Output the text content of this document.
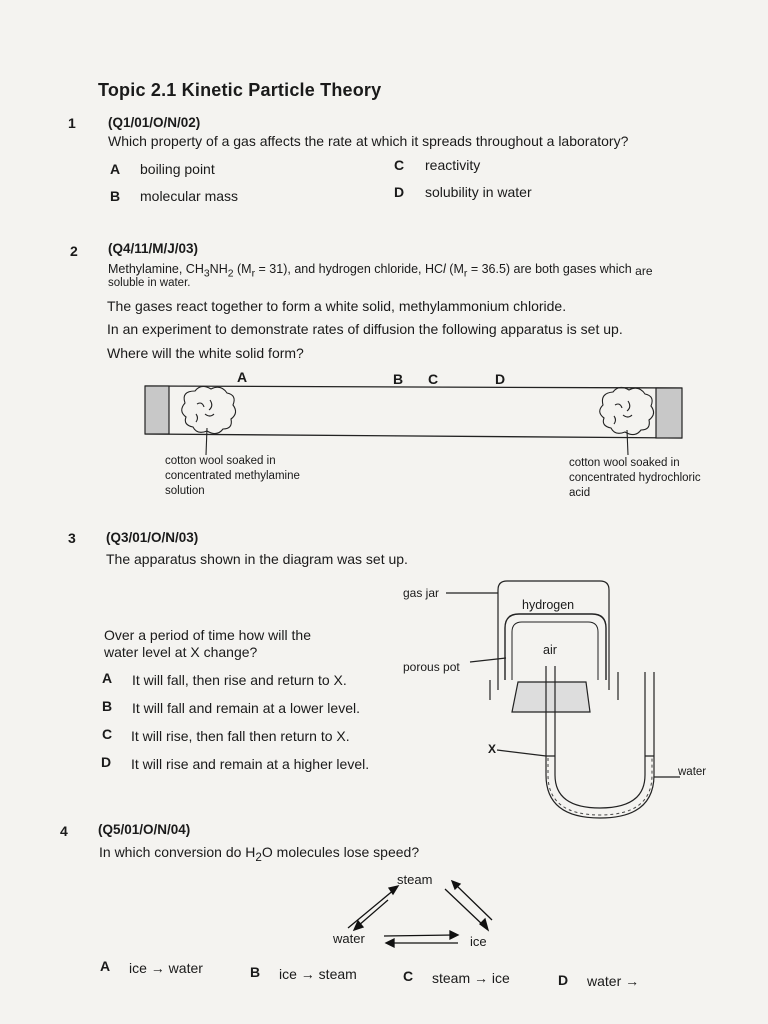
Topic 2.1 Kinetic Particle Theory
1 (Q1/01/O/N/02)
Which property of a gas affects the rate at which it spreads throughout a laboratory?
A boiling point
B molecular mass
C reactivity
D solubility in water
2 (Q4/11/M/J/03)
Methylamine, $CH_3NH_2$ $(M_r = 31)$, and hydrogen chloride, HCl $(M_r = 36.5)$ are both gases which are
soluble in water.
The gases react together to form a white solid, methylammonium chloride.
In an experiment to demonstrate rates of diffusion the following apparatus is set up.
Where will the white solid form?
A	B C	D
cotton wool soaked in concentrated methylamine solution
cotton wool soaked in concentrated hydrochloric acid
3 (Q3/01/O/N/03)
The apparatus shown in the diagram was set up.
Over a period of time how will the
water level at X change?
A It will fall, then rise and return to X.
B It will fall and remain at a lower level.
C It will rise, then fall then return to X.
D It will rise and remain at a higher level.
gas jar
hydrogen
air
porous pot
X
water
4 (Q5/01/O/N/04)
In which conversion do $H_2O$ molecules lose speed?
steam
water	ice
A ice → water	B ice → steam	C steam → ice	D water →
